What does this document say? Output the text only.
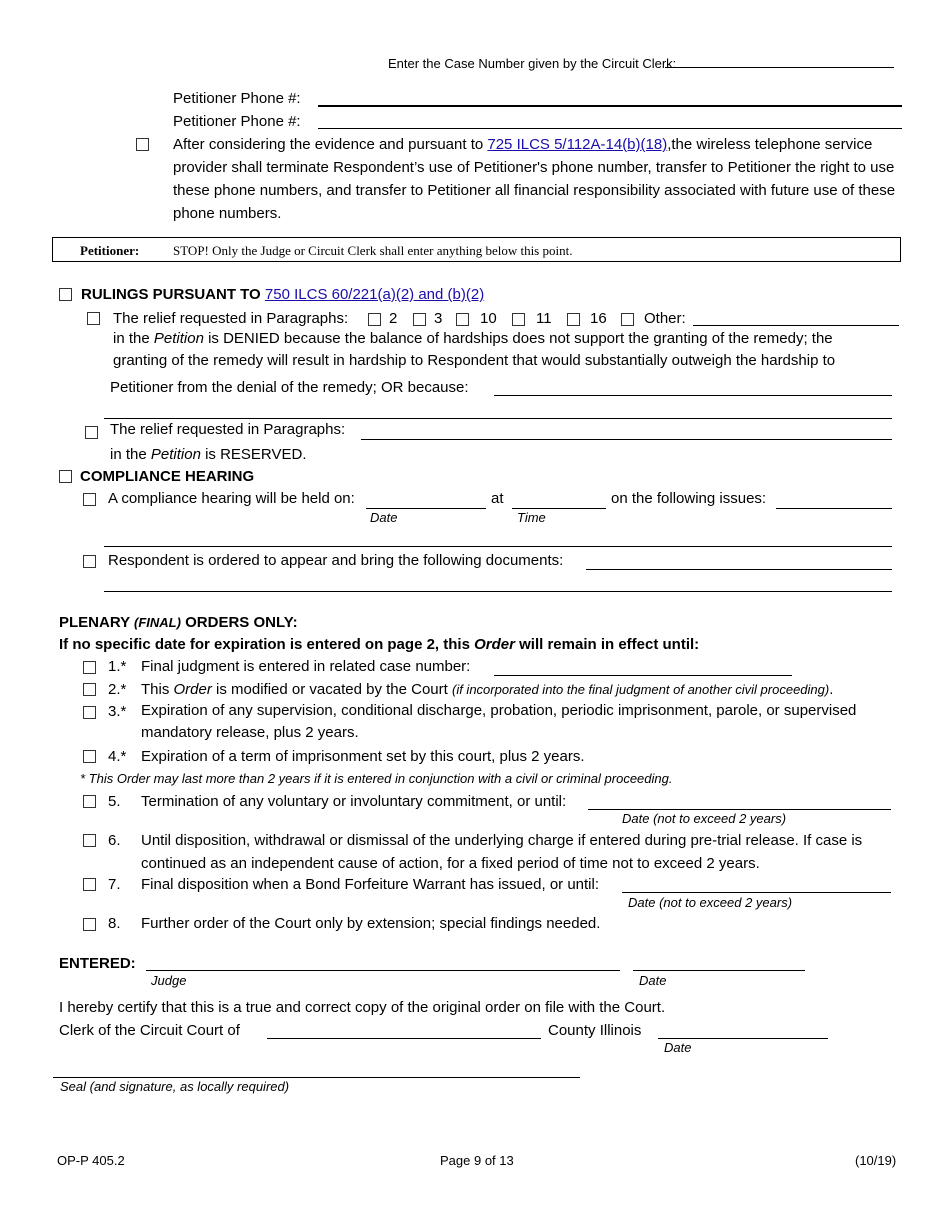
Enter the Case Number given by the Circuit Clerk:
Petitioner Phone #:
Petitioner Phone #:
After considering the evidence and pursuant to 725 ILCS 5/112A-14(b)(18),the wireless telephone service provider shall terminate Respondent’s use of Petitioner's phone number, transfer to Petitioner the right to use these phone numbers, and transfer to Petitioner all financial responsibility associated with future use of these phone numbers.
Petitioner:	STOP! Only the Judge or Circuit Clerk shall enter anything below this point.
RULINGS PURSUANT TO 750 ILCS 60/221(a)(2) and (b)(2)
The relief requested in Paragraphs:	2 3	10	11	16 Other:
in the Petition is DENIED because the balance of hardships does not support the granting of the remedy; the granting of the remedy will result in hardship to Respondent that would substantially outweigh the hardship to
Petitioner from the denial of the remedy; OR because:
The relief requested in Paragraphs:
in the Petition is RESERVED.
COMPLIANCE HEARING
A compliance hearing will be held on:	at	on the following issues:
Date	Time
Respondent is ordered to appear and bring the following documents:
PLENARY (FINAL) ORDERS ONLY:
If no specific date for expiration is entered on page 2, this Order will remain in effect until:
1.* Final judgment is entered in related case number:
2.* This Order is modified or vacated by the Court (if incorporated into the final judgment of another civil proceeding).
3.* Expiration of any supervision, conditional discharge, probation, periodic imprisonment, parole, or supervised mandatory release, plus 2 years.
4.* Expiration of a term of imprisonment set by this court, plus 2 years.
* This Order may last more than 2 years if it is entered in conjunction with a civil or criminal proceeding.
5. Termination of any voluntary or involuntary commitment, or until:
Date (not to exceed 2 years)
6. Until disposition, withdrawal or dismissal of the underlying charge if entered during pre-trial release. If case is continued as an independent cause of action, for a fixed period of time not to exceed 2 years.
7. Final disposition when a Bond Forfeiture Warrant has issued, or until:
Date (not to exceed 2 years)
8. Further order of the Court only by extension; special findings needed.
ENTERED:
Judge	Date
I hereby certify that this is a true and correct copy of the original order on file with the Court.
Clerk of the Circuit Court of	County Illinois
Date
Seal (and signature, as locally required)
OP-P 405.2	Page 9 of 13	(10/19)
